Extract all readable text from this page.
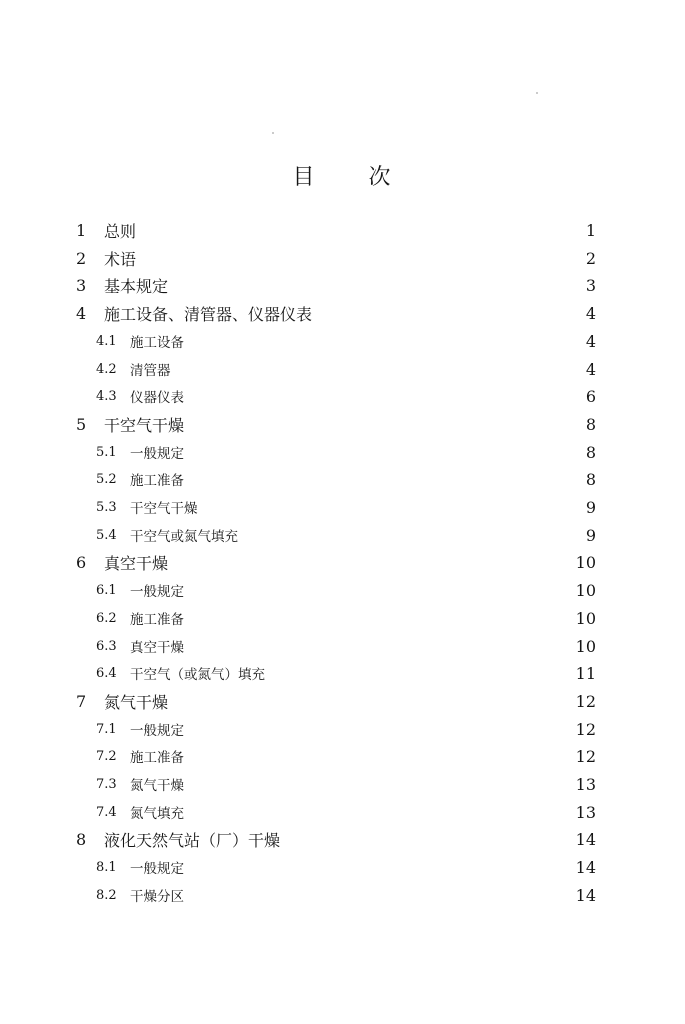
目 次
1	总则	1
2	术语	2
3	基本规定	3
4	施工设备、清管器、仪器仪表	4
4.1 施工设备	4
4.2 清管器	4
4.3 仪器仪表	6
5	干空气干燥	8
5.1 一般规定	8
5.2 施工准备	8
5.3 干空气干燥	9
5.4 干空气或氮气填充	9
6	真空干燥	10
6.1 一般规定	10
6.2 施工准备	10
6.3 真空干燥	10
6.4 干空气（或氮气）填充	11
7	氮气干燥	12
7.1 一般规定	12
7.2 施工准备	12
7.3 氮气干燥	13
7.4 氮气填充	13
8	液化天然气站（厂）干燥	14
8.1 一般规定	14
8.2 干燥分区	14
